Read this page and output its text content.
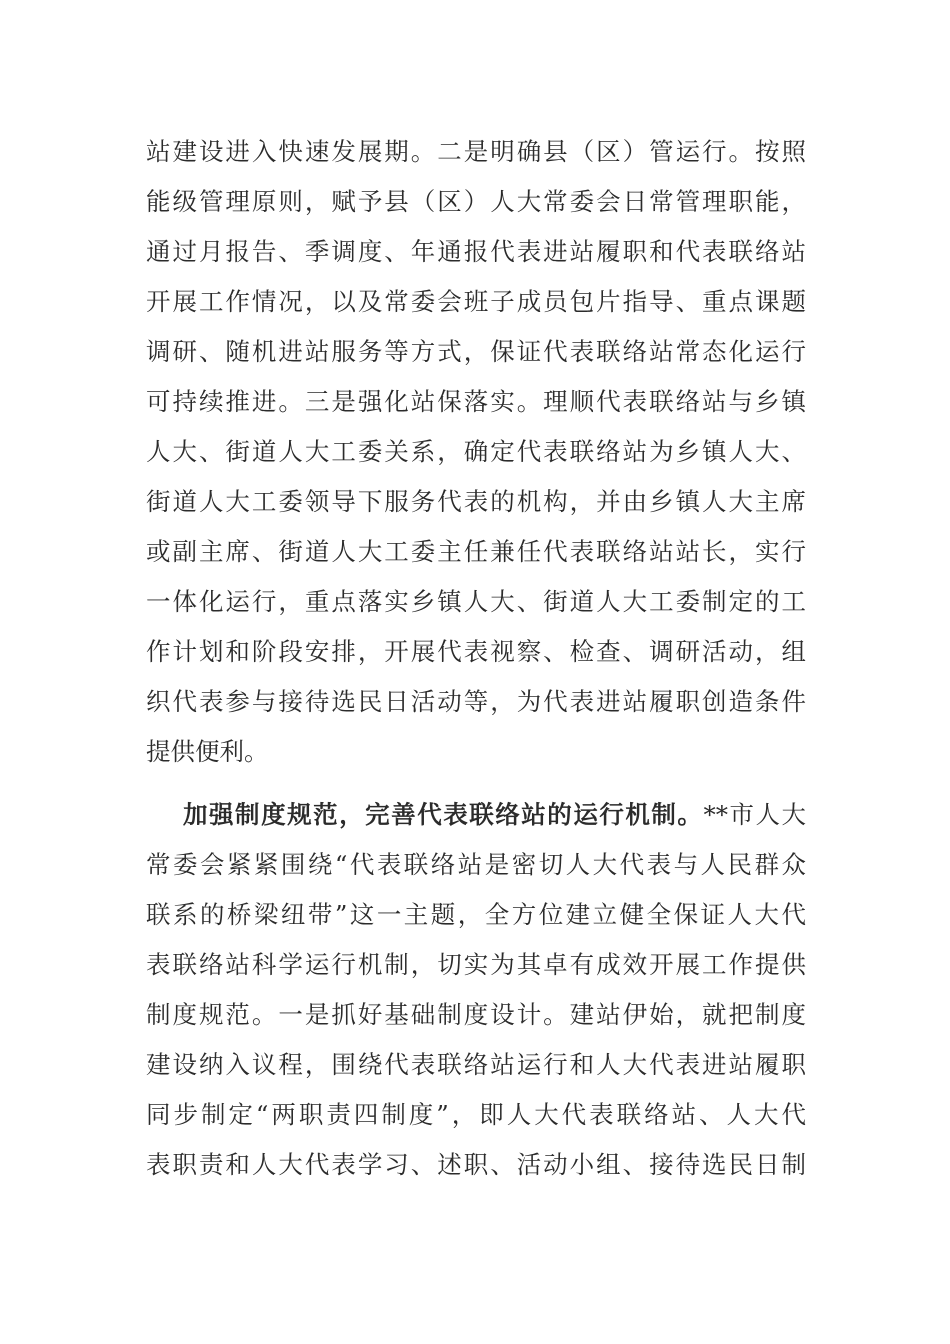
站建设进入快速发展期。二是明确县（区）管运行。按照
能级管理原则，赋予县（区）人大常委会日常管理职能，
通过月报告、季调度、年通报代表进站履职和代表联络站
开展工作情况，以及常委会班子成员包片指导、重点课题
调研、随机进站服务等方式，保证代表联络站常态化运行
可持续推进。三是强化站保落实。理顺代表联络站与乡镇
人大、街道人大工委关系，确定代表联络站为乡镇人大、
街道人大工委领导下服务代表的机构，并由乡镇人大主席
或副主席、街道人大工委主任兼任代表联络站站长，实行
一体化运行，重点落实乡镇人大、街道人大工委制定的工
作计划和阶段安排，开展代表视察、检查、调研活动，组
织代表参与接待选民日活动等，为代表进站履职创造条件
提供便利。
加强制度规范，完善代表联络站的运行机制。**市人大
常委会紧紧围绕“代表联络站是密切人大代表与人民群众
联系的桥梁纽带”这一主题，全方位建立健全保证人大代
表联络站科学运行机制，切实为其卓有成效开展工作提供
制度规范。一是抓好基础制度设计。建站伊始，就把制度
建设纳入议程，围绕代表联络站运行和人大代表进站履职
同步制定“两职责四制度”，即人大代表联络站、人大代
表职责和人大代表学习、述职、活动小组、接待选民日制
